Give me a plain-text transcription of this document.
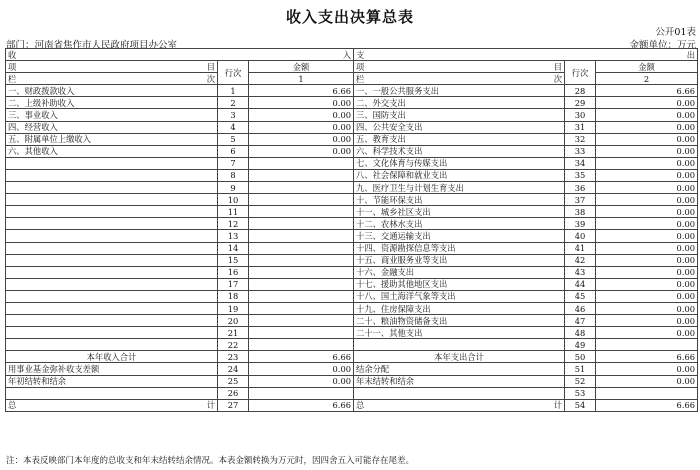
收入支出决算总表
公开01表
部门：河南省焦作市人民政府项目办公室	金额单位：万元
收 入			支 出		

项 目	行次	金额	项 目	行次	金额

栏 次		1	栏 次		2
一、财政拨款收入	1	6.66	一、一般公共服务支出	28	6.66
二、上级补助收入	2	0.00	二、外交支出	29	0.00
三、事业收入	3	0.00	三、国防支出	30	0.00
四、经营收入	4	0.00	四、公共安全支出	31	0.00
五、附属单位上缴收入	5	0.00	五、教育支出	32	0.00
六、其他收入	6	0.00	六、科学技术支出	33	0.00
	7		七、文化体育与传媒支出	34	0.00
	8		八、社会保障和就业支出	35	0.00
	9		九、医疗卫生与计划生育支出	36	0.00
	10		十、节能环保支出	37	0.00
	11		十一、城乡社区支出	38	0.00
	12		十二、农林水支出	39	0.00
	13		十三、交通运输支出	40	0.00
	14		十四、资源勘探信息等支出	41	0.00
	15		十五、商业服务业等支出	42	0.00
	16		十六、金融支出	43	0.00
	17		十七、援助其他地区支出	44	0.00
	18		十八、国土海洋气象等支出	45	0.00
	19		十九、住房保障支出	46	0.00
	20		二十、粮油物资储备支出	47	0.00
	21		二十一、其他支出	48	0.00
	22			49	
本年收入合计	23	6.66	本年支出合计	50	6.66
用事业基金弥补收支差额	24	0.00	结余分配	51	0.00
年初结转和结余	25	0.00	年末结转和结余	52	0.00
	26			53	

总 计	27	6.66	总 计	54	6.66
注：本表反映部门本年度的总收支和年末结转结余情况。本表金额转换为万元时，因四舍五入可能存在尾差。
